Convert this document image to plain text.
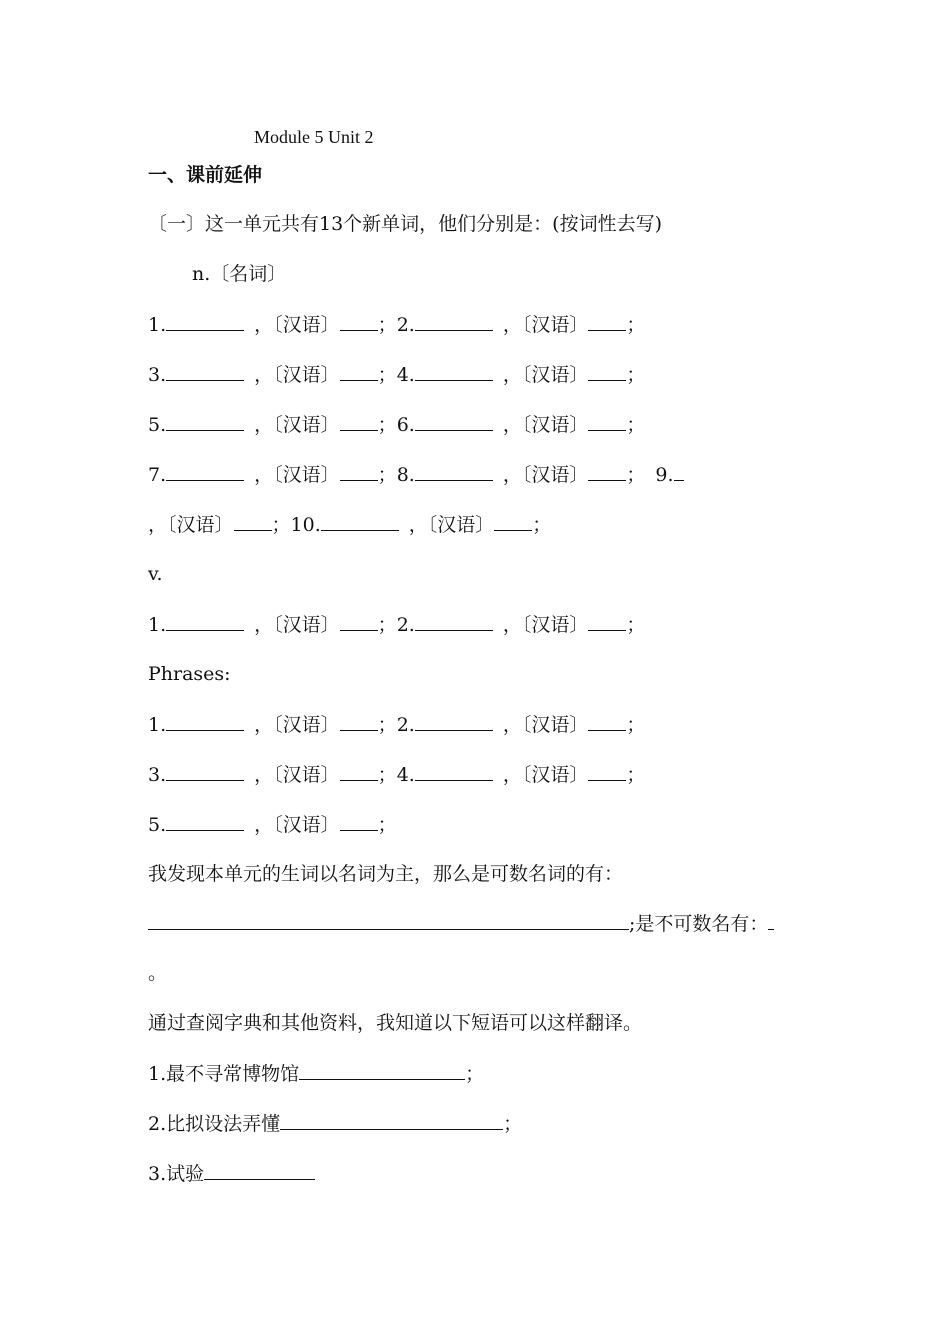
Module 5 Unit 2
一、课前延伸
〔一〕这一单元共有13个新单词，他们分别是：(按词性去写)
n.〔名词〕
1.	，〔汉语〕 ；2.	，〔汉语〕 ；
3.	，〔汉语〕 ；4.	，〔汉语〕 ；
5.	，〔汉语〕 ；6.	，〔汉语〕 ；
7.	，〔汉语〕 ；8.	，〔汉语〕 ； 9.
，〔汉语〕 ；10.	，〔汉语〕 ；
v.
1.	，〔汉语〕 ；2.	，〔汉语〕 ；
Phrases:
1.	，〔汉语〕 ；2.	，〔汉语〕 ；
3.	，〔汉语〕 ；4.	，〔汉语〕 ；
5.	，〔汉语〕 ；
我发现本单元的生词以名词为主，那么是可数名词的有：
;是不可数名有：
。
通过查阅字典和其他资料，我知道以下短语可以这样翻译。
1.最不寻常博物馆	；
2.比拟设法弄懂	；
3.试验
